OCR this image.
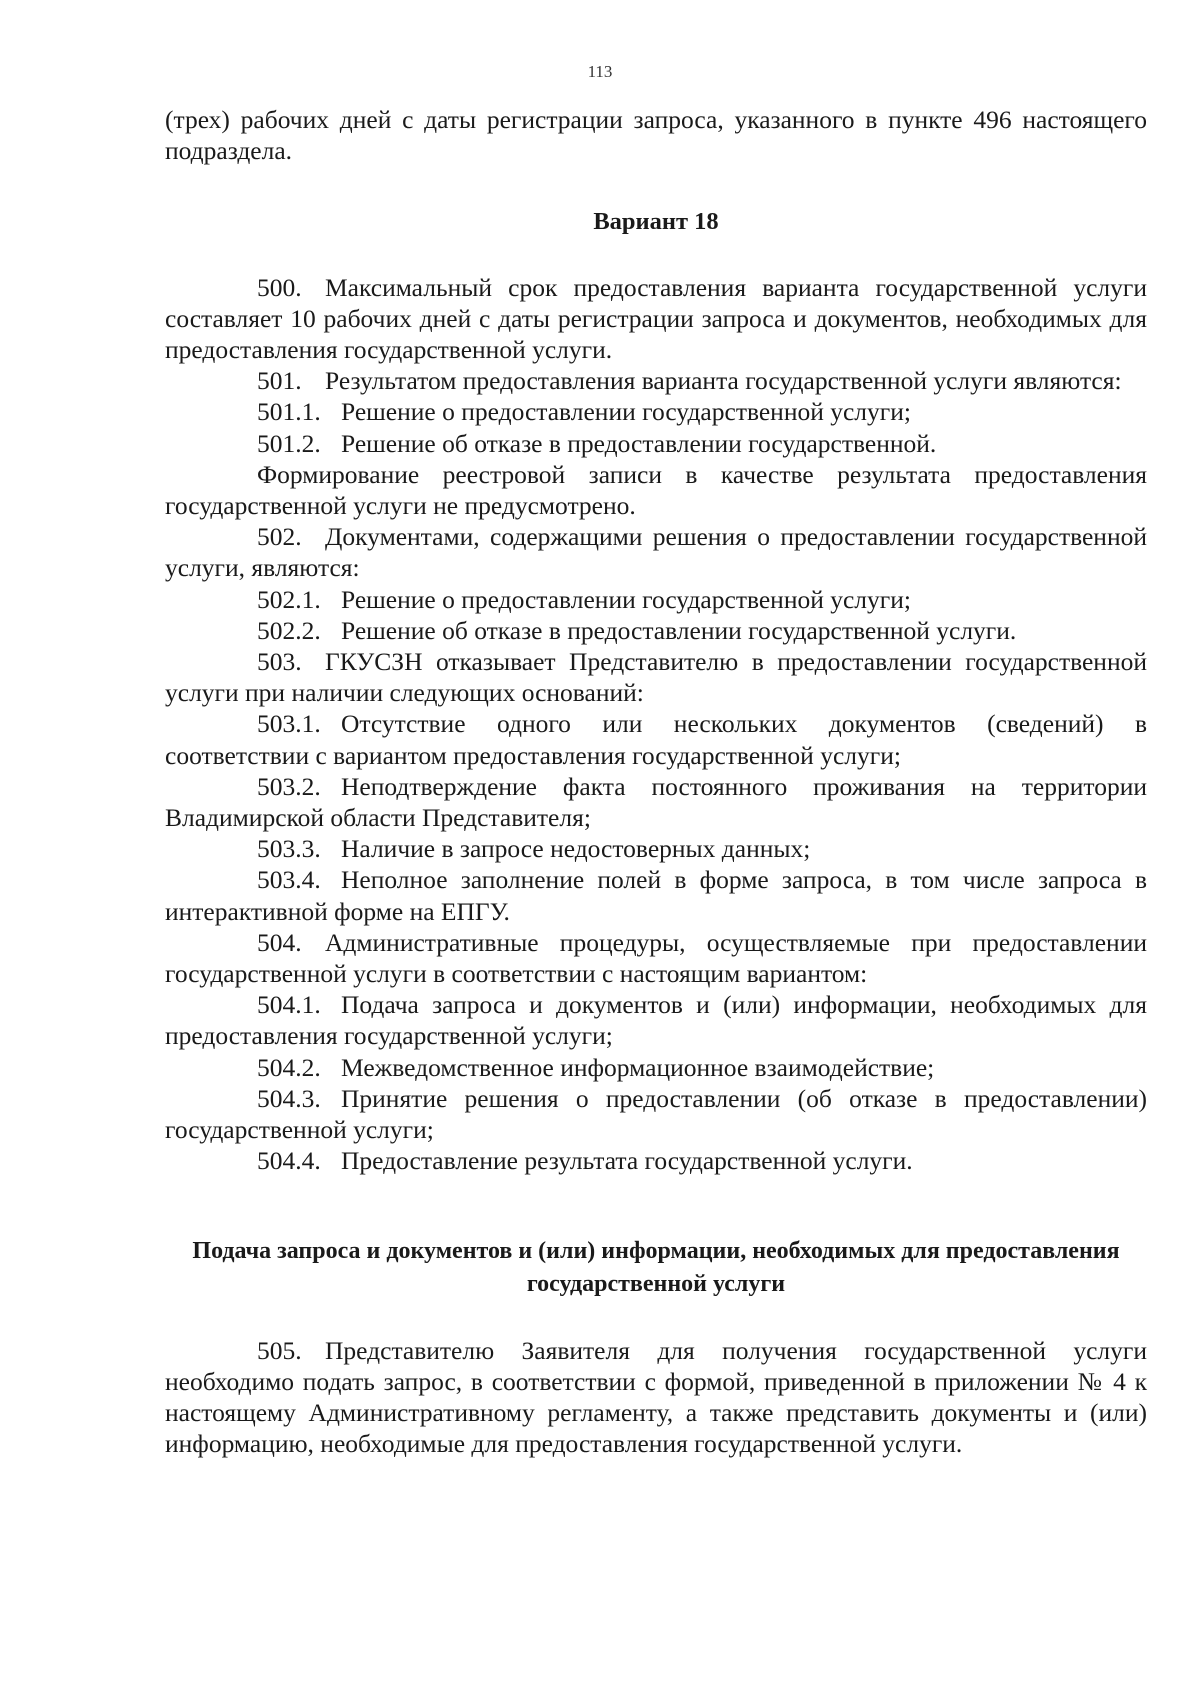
113

(трех) рабочих дней с даты регистрации запроса, указанного в пункте 496 настоящего подраздела.

Вариант 18

500. Максимальный срок предоставления варианта государственной услуги составляет 10 рабочих дней с даты регистрации запроса и документов, необходимых для предоставления государственной услуги.

501. Результатом предоставления варианта государственной услуги являются:

501.1. Решение о предоставлении государственной услуги;

501.2. Решение об отказе в предоставлении государственной.

Формирование реестровой записи в качестве результата предоставления государственной услуги не предусмотрено.

502. Документами, содержащими решения о предоставлении государственной услуги, являются:

502.1. Решение о предоставлении государственной услуги;

502.2. Решение об отказе в предоставлении государственной услуги.

503. ГКУСЗН отказывает Представителю в предоставлении государственной услуги при наличии следующих оснований:

503.1. Отсутствие одного или нескольких документов (сведений) в соответствии с вариантом предоставления государственной услуги;

503.2. Неподтверждение факта постоянного проживания на территории Владимирской области Представителя;

503.3. Наличие в запросе недостоверных данных;

503.4. Неполное заполнение полей в форме запроса, в том числе запроса в интерактивной форме на ЕПГУ.

504. Административные процедуры, осуществляемые при предоставлении государственной услуги в соответствии с настоящим вариантом:

504.1. Подача запроса и документов и (или) информации, необходимых для предоставления государственной услуги;

504.2. Межведомственное информационное взаимодействие;

504.3. Принятие решения о предоставлении (об отказе в предоставлении) государственной услуги;

504.4. Предоставление результата государственной услуги.

Подача запроса и документов и (или) информации, необходимых для предоставления государственной услуги

505. Представителю Заявителя для получения государственной услуги необходимо подать запрос, в соответствии с формой, приведенной в приложении № 4 к настоящему Административному регламенту, а также представить документы и (или) информацию, необходимые для предоставления государственной услуги.
